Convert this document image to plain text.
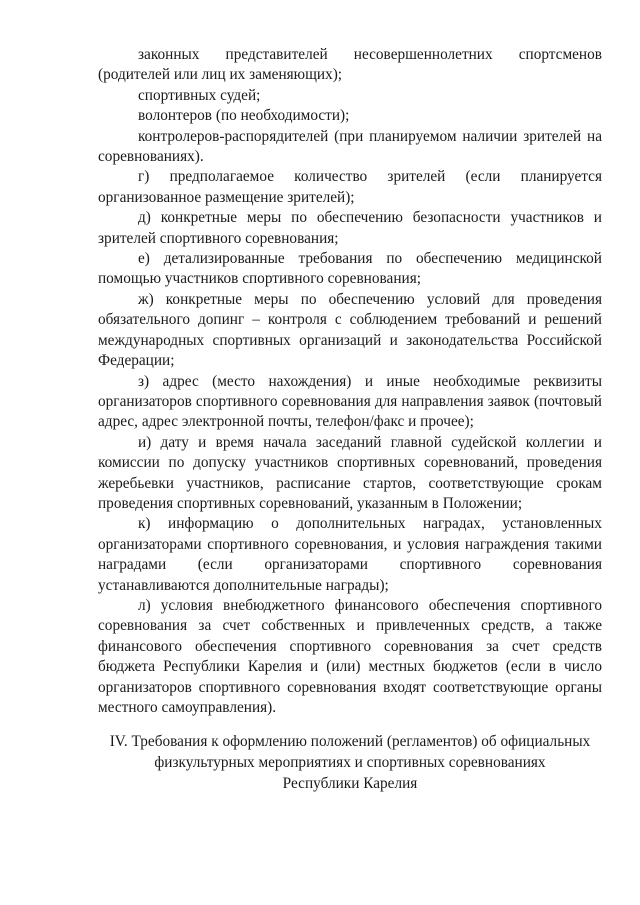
законных представителей несовершеннолетних спортсменов (родителей или лиц их заменяющих);

спортивных судей;

волонтеров (по необходимости);

контролеров-распорядителей (при планируемом наличии зрителей на соревнованиях).

г) предполагаемое количество зрителей (если планируется организованное размещение зрителей);

д) конкретные меры по обеспечению безопасности участников и зрителей спортивного соревнования;

е) детализированные требования по обеспечению медицинской помощью участников спортивного соревнования;

ж) конкретные меры по обеспечению условий для проведения обязательного допинг – контроля с соблюдением требований и решений международных спортивных организаций и законодательства Российской Федерации;

з) адрес (место нахождения) и иные необходимые реквизиты организаторов спортивного соревнования для направления заявок (почтовый адрес, адрес электронной почты, телефон/факс и прочее);

и) дату и время начала заседаний главной судейской коллегии и комиссии по допуску участников спортивных соревнований, проведения жеребьевки участников, расписание стартов, соответствующие срокам проведения спортивных соревнований, указанным в Положении;

к) информацию о дополнительных наградах, установленных организаторами спортивного соревнования, и условия награждения такими наградами (если организаторами спортивного соревнования устанавливаются дополнительные награды);

л) условия внебюджетного финансового обеспечения спортивного соревнования за счет собственных и привлеченных средств, а также финансового обеспечения спортивного соревнования за счет средств бюджета Республики Карелия и (или) местных бюджетов (если в число организаторов спортивного соревнования входят соответствующие органы местного самоуправления).

IV. Требования к оформлению положений (регламентов) об официальных
физкультурных мероприятиях и спортивных соревнованиях
Республики Карелия
